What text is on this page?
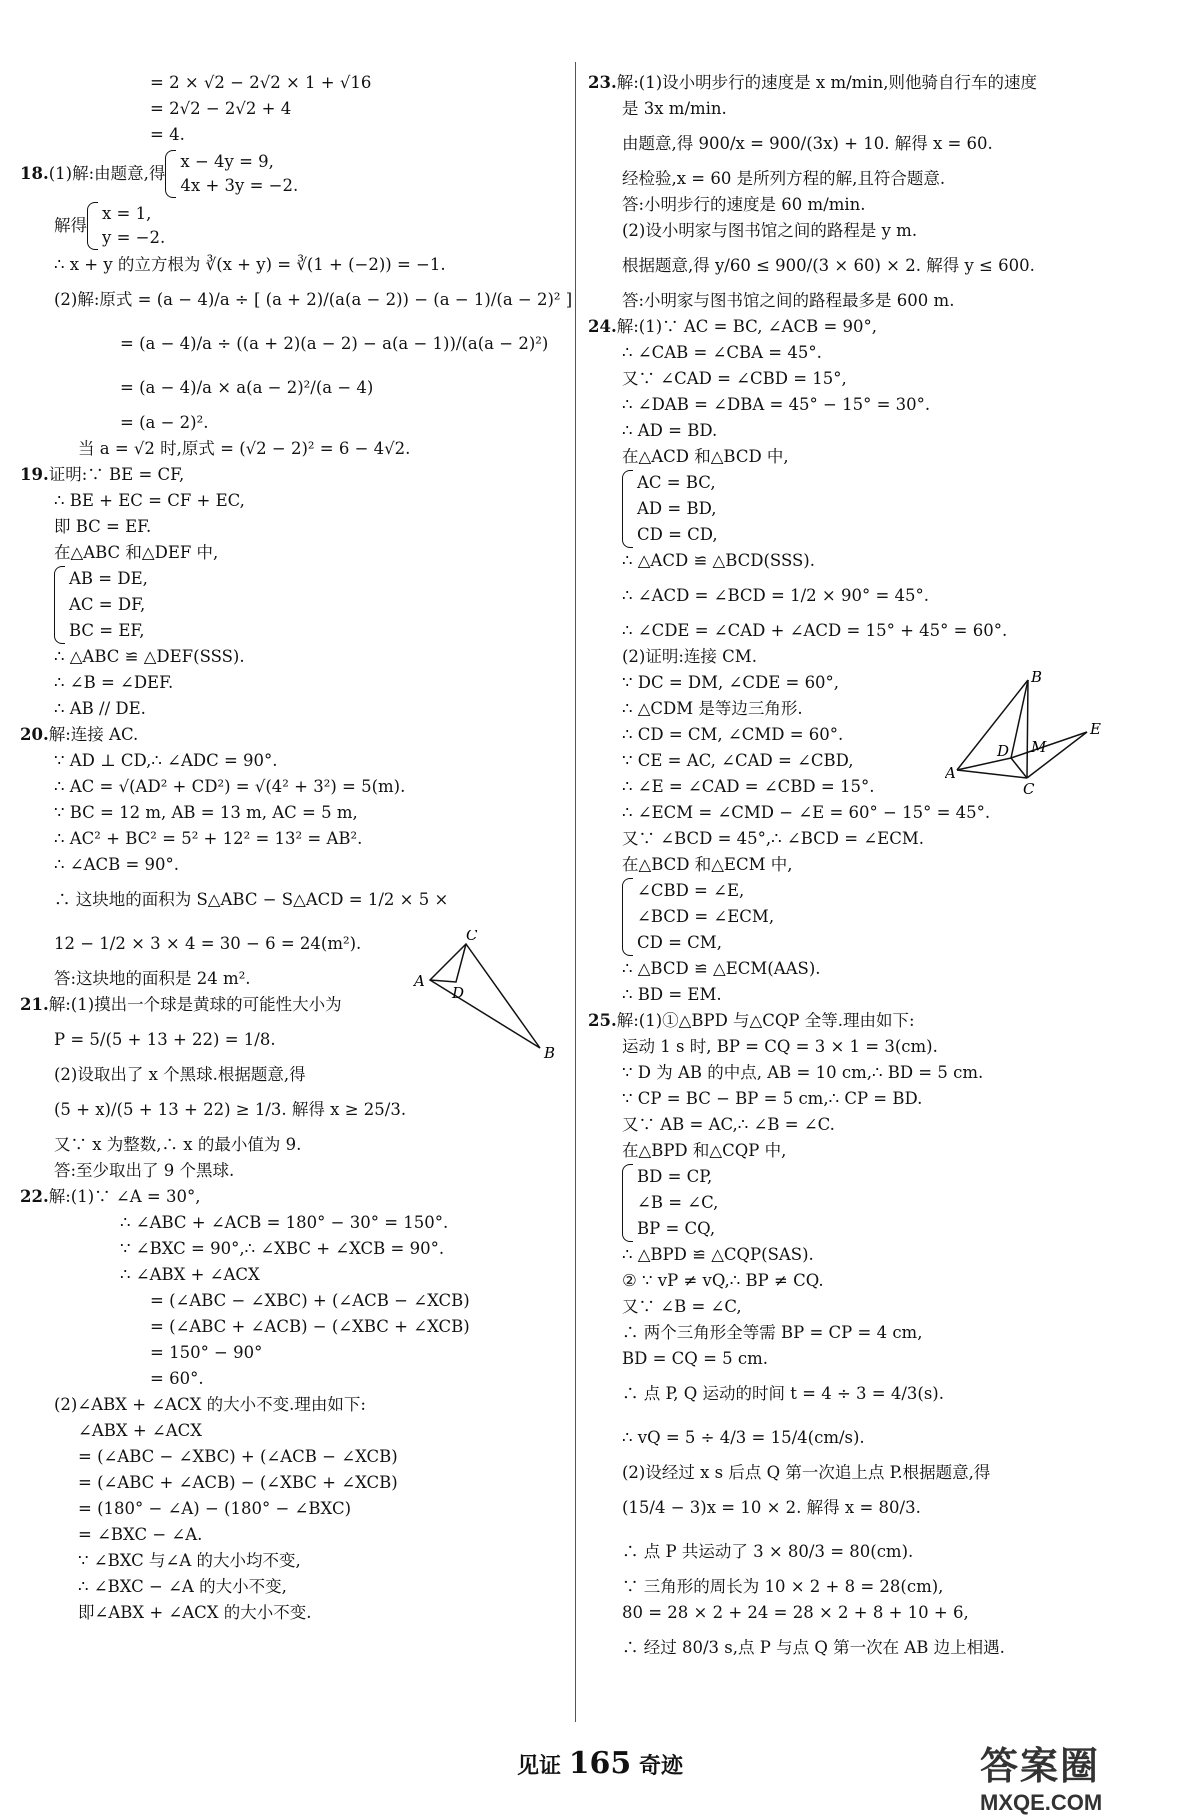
= 2 × √2 − 2√2 × 1 + √16
= 2√2 − 2√2 + 4
= 4.
18. (1)解:由题意,得
x − 4y = 9,
4x + 3y = −2.
解得
x = 1,
y = −2.
∴ x + y 的立方根为 ∛(x + y) = ∛(1 + (−2)) = −1.
(2)解:原式 = (a − 4)/a ÷ [ (a + 2)/(a(a − 2)) − (a − 1)/(a − 2)² ]
= (a − 4)/a ÷ ((a + 2)(a − 2) − a(a − 1))/(a(a − 2)²)
= (a − 4)/a × a(a − 2)²/(a − 4)
= (a − 2)².
当 a = √2 时,原式 = (√2 − 2)² = 6 − 4√2.
19.证明:∵ BE = CF,
∴ BE + EC = CF + EC,
即 BC = EF.
在△ABC 和△DEF 中,
AB = DE,
AC = DF,
BC = EF,
∴ △ABC ≌ △DEF(SSS).
∴ ∠B = ∠DEF.
∴ AB // DE.
20.解:连接 AC.
∵ AD ⊥ CD,∴ ∠ADC = 90°.
∴ AC = √(AD² + CD²) = √(4² + 3²) = 5(m).
∵ BC = 12 m, AB = 13 m, AC = 5 m,
∴ AC² + BC² = 5² + 12² = 13² = AB².
∴ ∠ACB = 90°.
∴ 这块地的面积为 S△ABC − S△ACD = 1/2 × 5 ×
12 − 1/2 × 3 × 4 = 30 − 6 = 24(m²).
答:这块地的面积是 24 m².
21.解:(1)摸出一个球是黄球的可能性大小为
P = 5/(5 + 13 + 22) = 1/8.
(2)设取出了 x 个黑球.根据题意,得
(5 + x)/(5 + 13 + 22) ≥ 1/3. 解得 x ≥ 25/3.
又∵ x 为整数,∴ x 的最小值为 9.
答:至少取出了 9 个黑球.
22.解:(1)∵ ∠A = 30°,
∴ ∠ABC + ∠ACB = 180° − 30° = 150°.
∵ ∠BXC = 90°,∴ ∠XBC + ∠XCB = 90°.
∴ ∠ABX + ∠ACX
= (∠ABC − ∠XBC) + (∠ACB − ∠XCB)
= (∠ABC + ∠ACB) − (∠XBC + ∠XCB)
= 150° − 90°
= 60°.
(2)∠ABX + ∠ACX 的大小不变.理由如下:
∠ABX + ∠ACX
= (∠ABC − ∠XBC) + (∠ACB − ∠XCB)
= (∠ABC + ∠ACB) − (∠XBC + ∠XCB)
= (180° − ∠A) − (180° − ∠BXC)
= ∠BXC − ∠A.
∵ ∠BXC 与∠A 的大小均不变,
∴ ∠BXC − ∠A 的大小不变,
即∠ABX + ∠ACX 的大小不变.
A
B
C
D
23.解:(1)设小明步行的速度是 x m/min,则他骑自行车的速度
是 3x m/min.
由题意,得 900/x = 900/(3x) + 10. 解得 x = 60.
经检验,x = 60 是所列方程的解,且符合题意.
答:小明步行的速度是 60 m/min.
(2)设小明家与图书馆之间的路程是 y m.
根据题意,得 y/60 ≤ 900/(3 × 60) × 2. 解得 y ≤ 600.
答:小明家与图书馆之间的路程最多是 600 m.
24.解:(1)∵ AC = BC, ∠ACB = 90°,
∴ ∠CAB = ∠CBA = 45°.
又∵ ∠CAD = ∠CBD = 15°,
∴ ∠DAB = ∠DBA = 45° − 15° = 30°.
∴ AD = BD.
在△ACD 和△BCD 中,
AC = BC,
AD = BD,
CD = CD,
∴ △ACD ≌ △BCD(SSS).
∴ ∠ACD = ∠BCD = 1/2 × 90° = 45°.
∴ ∠CDE = ∠CAD + ∠ACD = 15° + 45° = 60°.
(2)证明:连接 CM.
∵ DC = DM, ∠CDE = 60°,
∴ △CDM 是等边三角形.
∴ CD = CM, ∠CMD = 60°.
∵ CE = AC, ∠CAD = ∠CBD,
∴ ∠E = ∠CAD = ∠CBD = 15°.
∴ ∠ECM = ∠CMD − ∠E = 60° − 15° = 45°.
又∵ ∠BCD = 45°,∴ ∠BCD = ∠ECM.
在△BCD 和△ECM 中,
∠CBD = ∠E,
∠BCD = ∠ECM,
CD = CM,
∴ △BCD ≌ △ECM(AAS).
∴ BD = EM.
25.解:(1)①△BPD 与△CQP 全等.理由如下:
运动 1 s 时, BP = CQ = 3 × 1 = 3(cm).
∵ D 为 AB 的中点, AB = 10 cm,∴ BD = 5 cm.
∵ CP = BC − BP = 5 cm,∴ CP = BD.
又∵ AB = AC,∴ ∠B = ∠C.
在△BPD 和△CQP 中,
BD = CP,
∠B = ∠C,
BP = CQ,
∴ △BPD ≌ △CQP(SAS).
② ∵ vP ≠ vQ,∴ BP ≠ CQ.
又∵ ∠B = ∠C,
∴ 两个三角形全等需 BP = CP = 4 cm,
BD = CQ = 5 cm.
∴ 点 P, Q 运动的时间 t = 4 ÷ 3 = 4/3(s).
∴ vQ = 5 ÷ 4/3 = 15/4(cm/s).
(2)设经过 x s 后点 Q 第一次追上点 P.根据题意,得
(15/4 − 3)x = 10 × 2. 解得 x = 80/3.
∴ 点 P 共运动了 3 × 80/3 = 80(cm).
∵ 三角形的周长为 10 × 2 + 8 = 28(cm),
80 = 28 × 2 + 24 = 28 × 2 + 8 + 10 + 6,
∴ 经过 80/3 s,点 P 与点 Q 第一次在 AB 边上相遇.
A
B
C
D
E
M
见证 165 奇迹	答案圈
MXQE.COM
